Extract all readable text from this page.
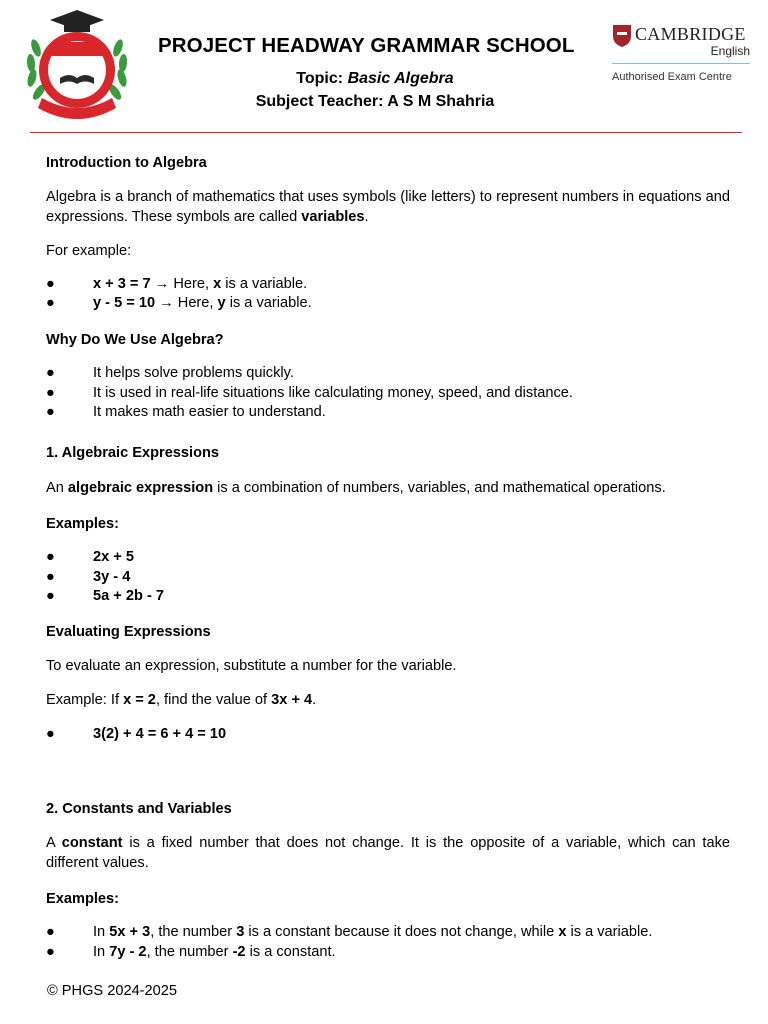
PROJECT HEADWAY GRAMMAR SCHOOL
Topic: Basic Algebra
Subject Teacher: A S M Shahria
CAMBRIDGE
English
Authorised Exam Centre
Introduction to Algebra
Algebra is a branch of mathematics that uses symbols (like letters) to represent numbers in equations and expressions. These symbols are called variables.
For example:
●	x + 3 = 7 → Here, x is a variable.
●	y - 5 = 10 → Here, y is a variable.
Why Do We Use Algebra?
●	It helps solve problems quickly.
●	It is used in real-life situations like calculating money, speed, and distance.
●	It makes math easier to understand.
1. Algebraic Expressions
An algebraic expression is a combination of numbers, variables, and mathematical operations.
Examples:
●	2x + 5
●	3y - 4
●	5a + 2b - 7
Evaluating Expressions
To evaluate an expression, substitute a number for the variable.
Example: If x = 2, find the value of 3x + 4.
●	3(2) + 4 = 6 + 4 = 10
2. Constants and Variables
A constant is a fixed number that does not change. It is the opposite of a variable, which can take different values.
Examples:
●	In 5x + 3, the number 3 is a constant because it does not change, while x is a variable.
●	In 7y - 2, the number -2 is a constant.
© PHGS 2024-2025
